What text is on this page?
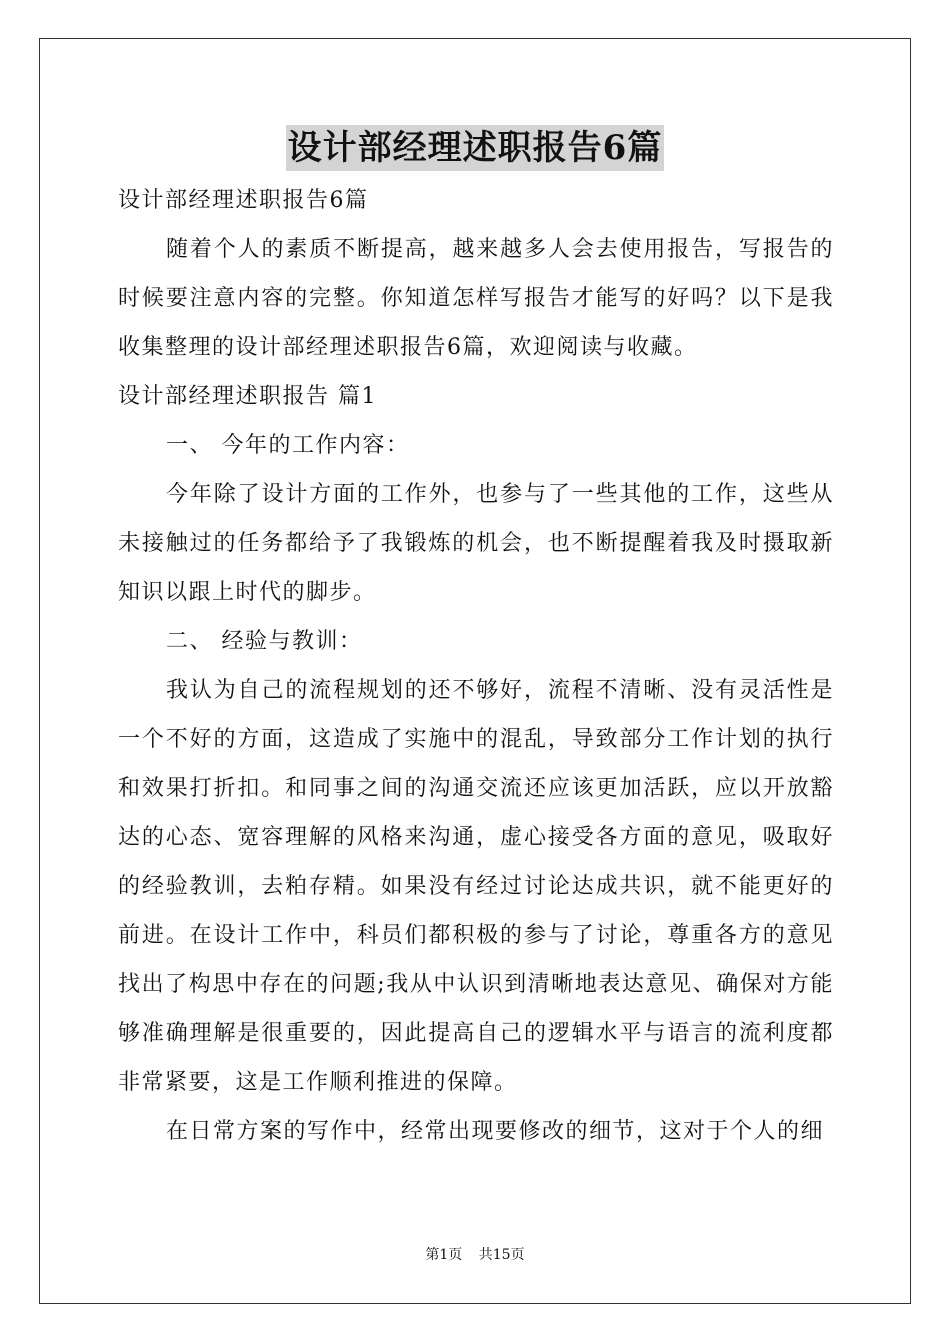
设计部经理述职报告6篇
设计部经理述职报告6篇
随着个人的素质不断提高，越来越多人会去使用报告，写报告的时候要注意内容的完整。你知道怎样写报告才能写的好吗？以下是我收集整理的设计部经理述职报告6篇，欢迎阅读与收藏。
设计部经理述职报告 篇1
一、 今年的工作内容：
今年除了设计方面的工作外，也参与了一些其他的工作，这些从未接触过的任务都给予了我锻炼的机会，也不断提醒着我及时摄取新知识以跟上时代的脚步。
二、 经验与教训：
我认为自己的流程规划的还不够好，流程不清晰、没有灵活性是一个不好的方面，这造成了实施中的混乱，导致部分工作计划的执行和效果打折扣。和同事之间的沟通交流还应该更加活跃，应以开放豁达的心态、宽容理解的风格来沟通，虚心接受各方面的意见，吸取好的经验教训，去粕存精。如果没有经过讨论达成共识，就不能更好的前进。在设计工作中，科员们都积极的参与了讨论，尊重各方的意见找出了构思中存在的问题;我从中认识到清晰地表达意见、确保对方能够准确理解是很重要的，因此提高自己的逻辑水平与语言的流利度都非常紧要，这是工作顺利推进的保障。
在日常方案的写作中，经常出现要修改的细节，这对于个人的细
第1页 共15页
